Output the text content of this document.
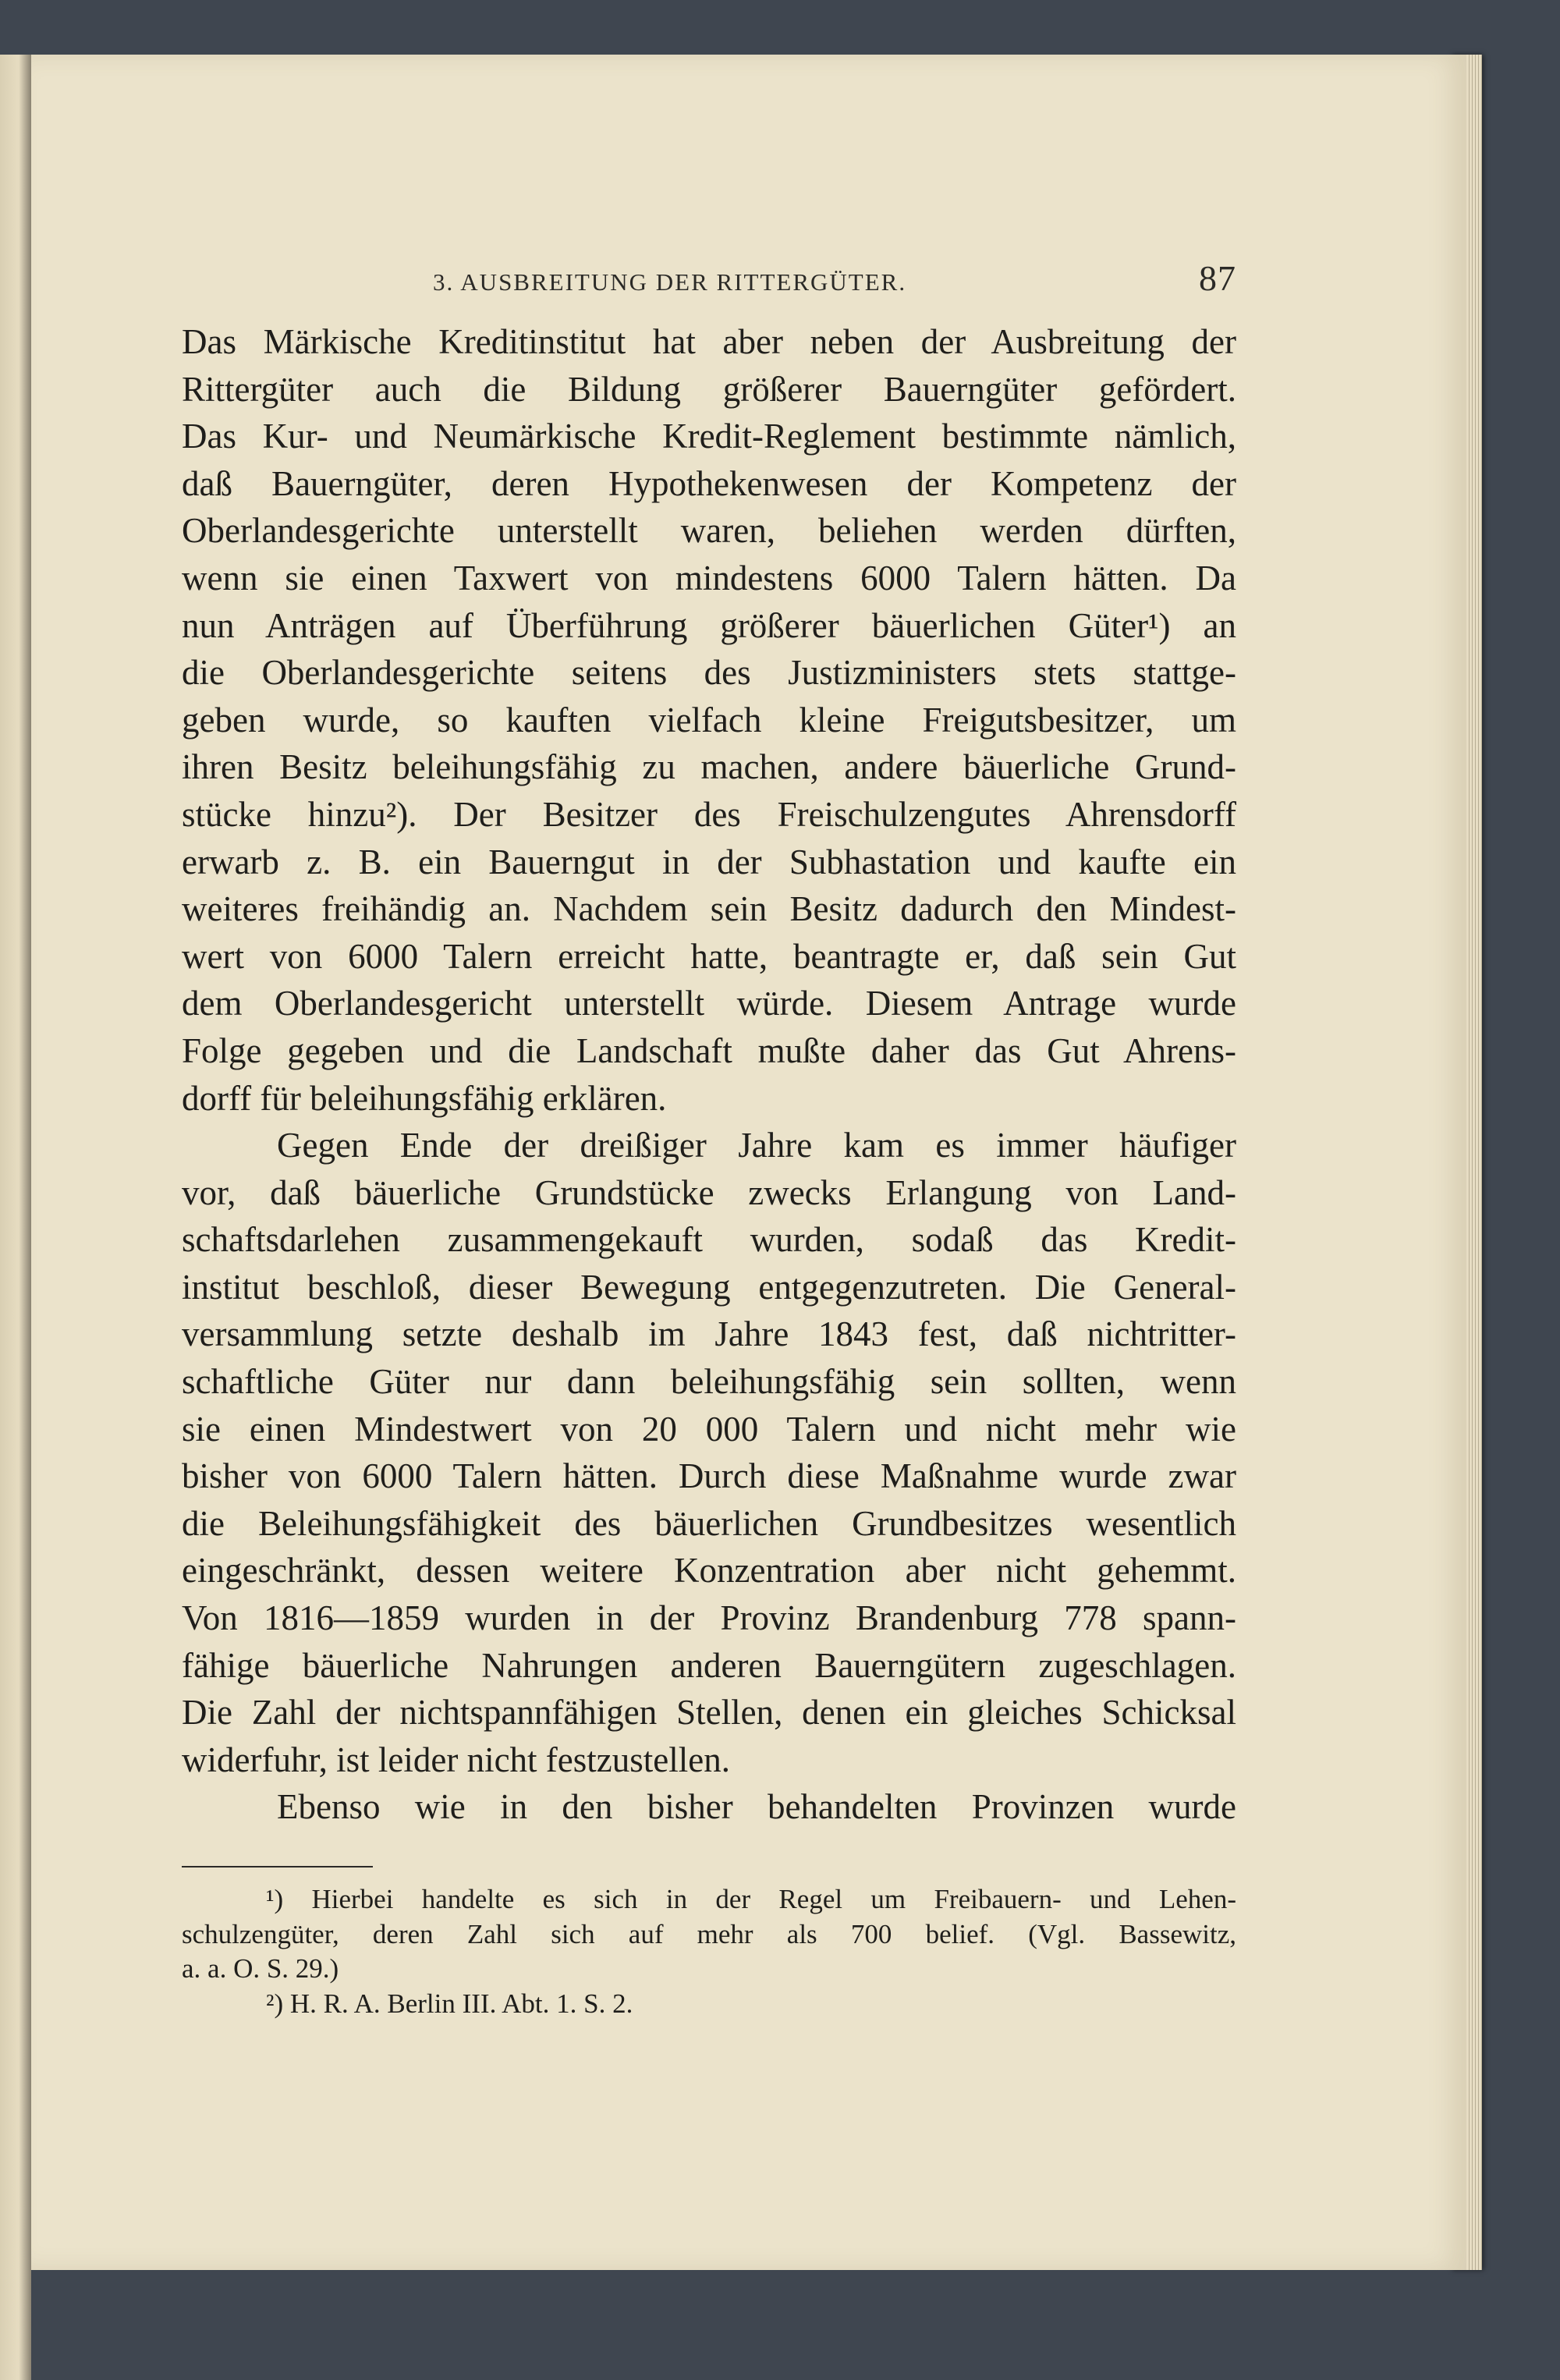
3. AUSBREITUNG DER RITTERGÜTER.	87
Das Märkische Kreditinstitut hat aber neben der Ausbreitung der
Rittergüter auch die Bildung größerer Bauerngüter gefördert.
Das Kur- und Neumärkische Kredit-Reglement bestimmte nämlich,
daß Bauerngüter, deren Hypothekenwesen der Kompetenz der
Oberlandesgerichte unterstellt waren, beliehen werden dürften,
wenn sie einen Taxwert von mindestens 6000 Talern hätten. Da
nun Anträgen auf Überführung größerer bäuerlichen Güter¹) an
die Oberlandesgerichte seitens des Justizministers stets stattge-
geben wurde, so kauften vielfach kleine Freigutsbesitzer, um
ihren Besitz beleihungsfähig zu machen, andere bäuerliche Grund-
stücke hinzu²). Der Besitzer des Freischulzengutes Ahrensdorff
erwarb z. B. ein Bauerngut in der Subhastation und kaufte ein
weiteres freihändig an. Nachdem sein Besitz dadurch den Mindest-
wert von 6000 Talern erreicht hatte, beantragte er, daß sein Gut
dem Oberlandesgericht unterstellt würde. Diesem Antrage wurde
Folge gegeben und die Landschaft mußte daher das Gut Ahrens-
dorff für beleihungsfähig erklären.
Gegen Ende der dreißiger Jahre kam es immer häufiger
vor, daß bäuerliche Grundstücke zwecks Erlangung von Land-
schaftsdarlehen zusammengekauft wurden, sodaß das Kredit-
institut beschloß, dieser Bewegung entgegenzutreten. Die General-
versammlung setzte deshalb im Jahre 1843 fest, daß nichtritter-
schaftliche Güter nur dann beleihungsfähig sein sollten, wenn
sie einen Mindestwert von 20 000 Talern und nicht mehr wie
bisher von 6000 Talern hätten. Durch diese Maßnahme wurde zwar
die Beleihungsfähigkeit des bäuerlichen Grundbesitzes wesentlich
eingeschränkt, dessen weitere Konzentration aber nicht gehemmt.
Von 1816—1859 wurden in der Provinz Brandenburg 778 spann-
fähige bäuerliche Nahrungen anderen Bauerngütern zugeschlagen.
Die Zahl der nichtspannfähigen Stellen, denen ein gleiches Schicksal
widerfuhr, ist leider nicht festzustellen.
Ebenso wie in den bisher behandelten Provinzen wurde
¹) Hierbei handelte es sich in der Regel um Freibauern- und Lehen-
schulzengüter, deren Zahl sich auf mehr als 700 belief. (Vgl. Bassewitz,
a. a. O. S. 29.)
²) H. R. A. Berlin III. Abt. 1. S. 2.
